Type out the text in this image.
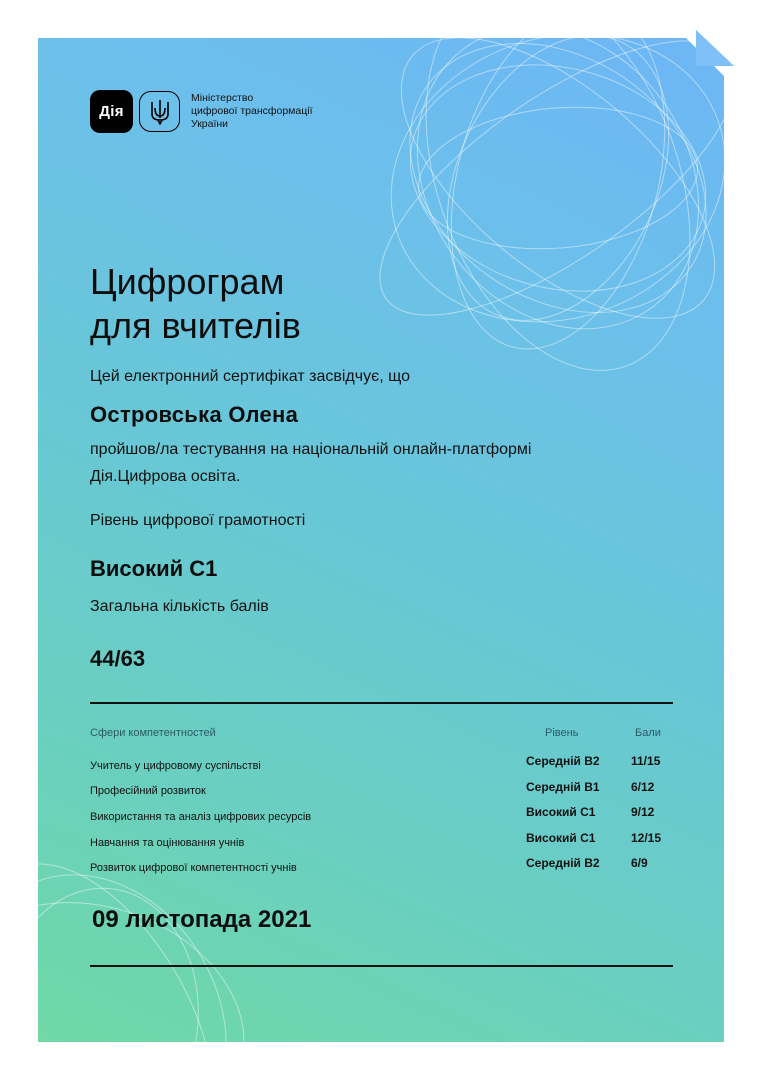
Дія
Міністерство
цифрової трансформації
України
Цифрограм
для вчителів
Цей електронний сертифікат засвідчує, що
Островська Олена
пройшов/ла тестування на національній онлайн-платформі
Дія.Цифрова освіта.
Рівень цифрової грамотності
Високий С1
Загальна кількість балів
44/63
Сфери компетентностей	Рівень	Бали
Учитель у цифровому суспільстві	Середній В2	11/15
Професійний розвиток	Середній В1	6/12
Використання та аналіз цифрових ресурсів	Високий С1	9/12
Навчання та оцінювання учнів	Високий С1	12/15
Розвиток цифрової компетентності учнів	Середній В2	6/9
09 листопада 2021
